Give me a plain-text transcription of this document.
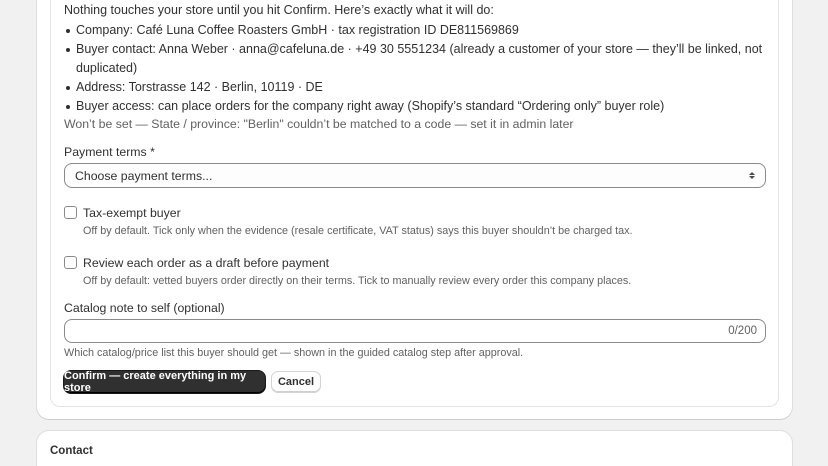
Nothing touches your store until you hit Confirm. Here’s exactly what it will do:
Company: Café Luna Coffee Roasters GmbH · tax registration ID DE811569869
Buyer contact: Anna Weber · anna@cafeluna.de · +49 30 5551234 (already a customer of your store — they’ll be linked, not duplicated)
Address: Torstrasse 142 · Berlin, 10119 · DE
Buyer access: can place orders for the company right away (Shopify’s standard “Ordering only” buyer role)
Won’t be set — State / province: "Berlin" couldn’t be matched to a code — set it in admin later
Payment terms *
Choose payment terms...
Tax-exempt buyer
Off by default. Tick only when the evidence (resale certificate, VAT status) says this buyer shouldn’t be charged tax.
Review each order as a draft before payment
Off by default: vetted buyers order directly on their terms. Tick to manually review every order this company places.
Catalog note to self (optional)
0/200
Which catalog/price list this buyer should get — shown in the guided catalog step after approval.
Confirm — create everything in my store	Cancel
Contact
